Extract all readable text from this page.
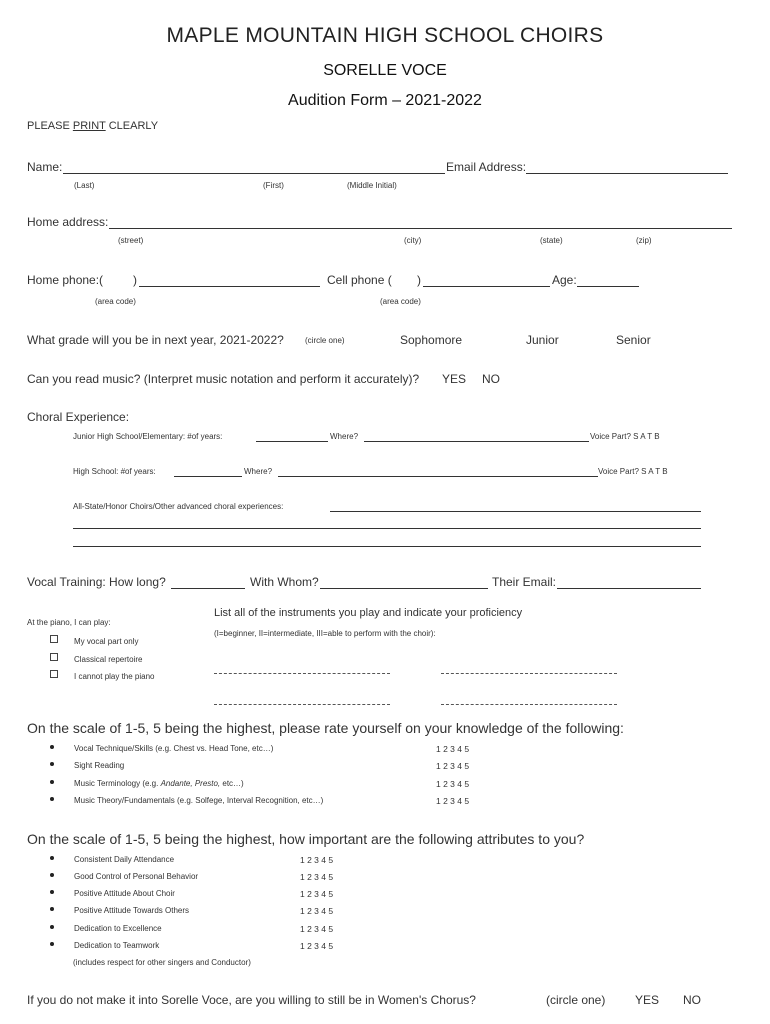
MAPLE MOUNTAIN HIGH SCHOOL CHOIRS
SORELLE VOCE
Audition Form – 2021-2022
PLEASE PRINT CLEARLY
Name:	Email Address:
(Last)	(First)	(Middle Initial)
Home address:
(street)	(city)	(state)	(zip)
Home phone:( )	Cell phone ( )	Age:
(area code)	(area code)
What grade will you be in next year, 2021-2022?	(circle one)	Sophomore	Junior	Senior
Can you read music? (Interpret music notation and perform it accurately)? YES NO
Choral Experience:
Junior High School/Elementary: #of years:	Where?	Voice Part? S A T B
High School: #of years:	Where?	Voice Part? S A T B
All-State/Honor Choirs/Other advanced choral experiences:
Vocal Training: How long?	With Whom?	Their Email:
At the piano, I can play:
My vocal part only
Classical repertoire
I cannot play the piano
List all of the instruments you play and indicate your proficiency
(I=beginner, II=intermediate, III=able to perform with the choir):
On the scale of 1-5, 5 being the highest, please rate yourself on your knowledge of the following:
Vocal Technique/Skills (e.g. Chest vs. Head Tone, etc…)	1 2 3 4 5
Sight Reading	1 2 3 4 5
Music Terminology (e.g. Andante, Presto, etc…)	1 2 3 4 5
Music Theory/Fundamentals (e.g. Solfege, Interval Recognition, etc…)	1 2 3 4 5
On the scale of 1-5, 5 being the highest, how important are the following attributes to you?
Consistent Daily Attendance	1 2 3 4 5
Good Control of Personal Behavior	1 2 3 4 5
Positive Attitude About Choir	1 2 3 4 5
Positive Attitude Towards Others	1 2 3 4 5
Dedication to Excellence	1 2 3 4 5
Dedication to Teamwork	1 2 3 4 5
(includes respect for other singers and Conductor)
If you do not make it into Sorelle Voce, are you willing to still be in Women's Chorus?	(circle one) YES NO
